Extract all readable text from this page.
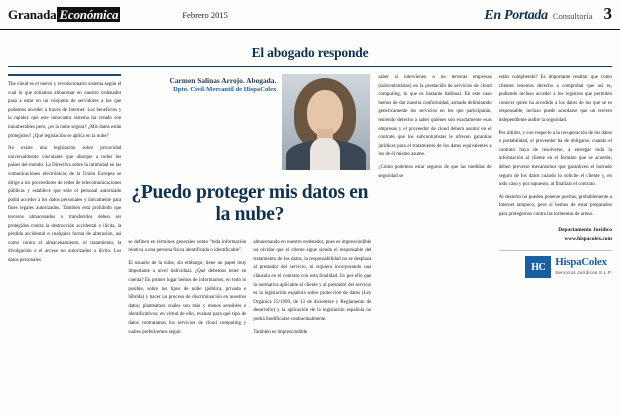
Granada Económica	Febrero 2015	En Portada Consultoría 3
El abogado responde

The cloud es el nuevo y revolucionario sistema según el cual lo que solíamos almacenar en nuestro ordenador pasa a estar en un conjunto de servidores a los que podemos acceder a través de Internet. Los beneficios y la rapidez que este innovador sistema ha creado son innumerables pero, ¿es la nube segura? ¿Mis datos están protegidos? ¿Qué legislación se aplica en la nube?

No existe una legislación sobre privacidad universalmente vinculante que abarque a todos los países del mundo. La Directiva sobre la intimidad en las comunicaciones electrónicas de la Unión Europea se dirige a los proveedores de redes de telecomunicaciones públicas y establece que sólo el personal autorizado podrá acceder a los datos personales y únicamente para fines legales autorizados. También está prohibido que terceros almacenados o transferidos deben ser protegidos contra la destrucción accidental o ilícita, la pérdida accidental o cualquier forma de alteración, así como contra el almacenamiento, el tratamiento, la divulgación o el acceso no autorizados o ilícito. Los datos personales

Carmen Salinas Arrojo. Abogada.
Dpto. Civil-Mercantil de HispaColex
¿Puedo proteger mis datos en la nube?

se definen en términos generales como "toda información relativa a una persona física identificada o identificable".

El usuario de la nube, sin embargo, tiene un papel muy importante a nivel individual. ¿Qué debemos tener en cuenta? En primer lugar hemos de informarnos, en todo lo posible, sobre los tipos de nube (pública, privada e híbrida) y hacer un proceso de discriminación en nuestros datos; planteamos cuáles son más y menos sensibles o identificativos; en virtud de ello, evaluar para qué tipo de datos contratamos los servicios de cloud computing y cuáles preferiremos seguir

almacenando en nuestro ordenador, pues es imprescindible no olvidar que el cliente sigue siendo el responsable del tratamiento de los datos, la responsabilidad no se desplaza al prestador del servicio, ni siquiera incorporando una cláusula en el contrato con esta finalidad. Es por ello que la normativa aplicable al cliente y al prestador del servicio es la legislación española sobre protección de datos (Ley Orgánica 15/1999, de 13 de diciembre y Reglamento de desarrollo) y la aplicación de la legislación española no podrá modificarse contractualmente.

También es imprescindible

saber si intervienen o no terceras empresas (subcontratistas) en la prestación de servicios de cloud computing, lo que es bastante habitual. En este caso hemos de dar nuestra conformidad, armado delimitando genéricamente los servicios en los que participarán, teniendo derecho a saber quiénes son exactamente esas empresas y el proveedor de cloud deberá asumir en el contrato que los subcontratistas le ofrecen garantías jurídicas para el tratamiento de los datos equivalentes a los de él mismo asume.

¿Cómo podemos estar seguros de que las medidas de seguridad se

están cumpliendo? Es importante resaltar que como clientes tenemos derecho a comprobar que así es, pudiendo incluso acceder a los registros que permiten conocer quién ha accedido a los datos de los que se es responsable, incluso puede acordarse que un tercero independiente audite la seguridad.

Por último, y con respecto a la recuperación de los datos o portabilidad, el proveedor ha de obligarse, cuando el contrato haya de resolverse, a entregar toda la información al cliente en el formato que se acuerde, deben preverse mecanismos que garanticen el borrado seguro de los datos cuando lo solicite el cliente y, en todo caso y por supuesto, al finalizar el contrato.

Al desierto no pueden ponerse puertas, probablemente a Internet tampoco, pero sí hemos de estar preparados para protegernos contra las tormentas de arena.

Departamento Jurídico
www.hispacolex.com
HC HispaColex
Servicios Jurídicos S.L.P.
